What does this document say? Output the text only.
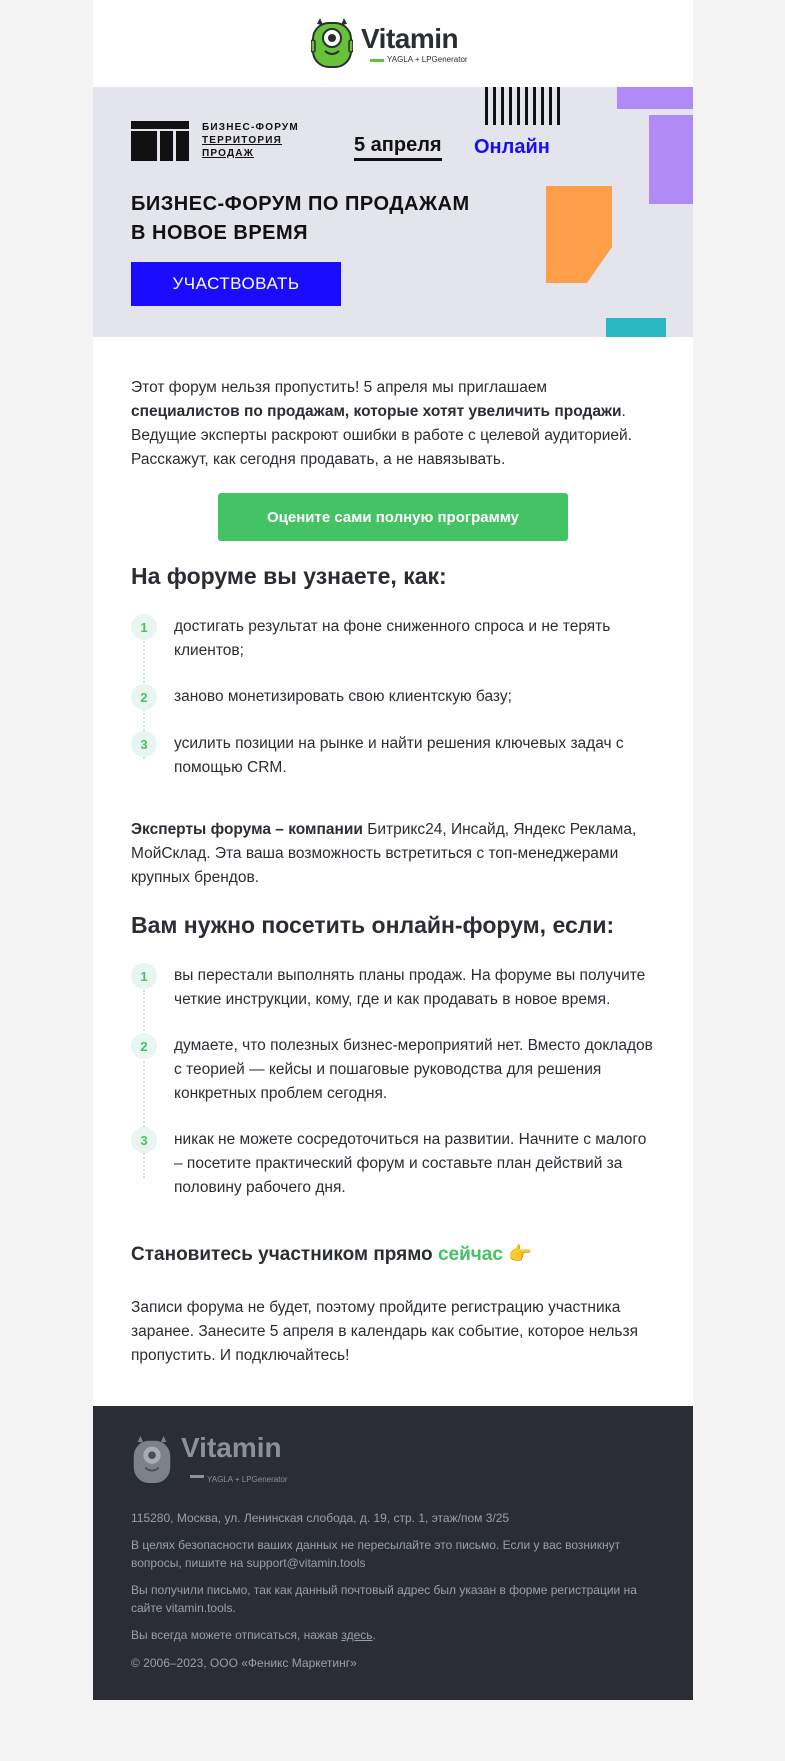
Vitamin
YAGLA + LPGenerator
БИЗНЕС-ФОРУМ
ТЕРРИТОРИЯ
ПРОДАЖ	5 апреля Онлайн
БИЗНЕС-ФОРУМ ПО ПРОДАЖАМ
В НОВОЕ ВРЕМЯ
УЧАСТВОВАТЬ

Этот форум нельзя пропустить! 5 апреля мы приглашаем специалистов по продажам, которые хотят увеличить продажи. Ведущие эксперты раскроют ошибки в работе с целевой аудиторией. Расскажут, как сегодня продавать, а не навязывать.

Оцените сами полную программу
На форуме вы узнаете, как:
1	достигать результат на фоне сниженного спроса и не терять клиентов;
2	заново монетизировать свою клиентскую базу;
3	усилить позиции на рынке и найти решения ключевых задач с помощью CRM.

Эксперты форума – компании Битрикс24, Инсайд, Яндекс Реклама, МойСклад. Эта ваша возможность встретиться с топ-менеджерами крупных брендов.

Вам нужно посетить онлайн-форум, если:
1	вы перестали выполнять планы продаж. На форуме вы получите четкие инструкции, кому, где и как продавать в новое время.
2	думаете, что полезных бизнес-мероприятий нет. Вместо докладов с теорией — кейсы и пошаговые руководства для решения конкретных проблем сегодня.
3	никак не можете сосредоточиться на развитии. Начните с малого – посетите практический форум и составьте план действий за половину рабочего дня.
Становитесь участником прямо сейчас 👉

Записи форума не будет, поэтому пройдите регистрацию участника заранее. Занесите 5 апреля в календарь как событие, которое нельзя пропустить. И подключайтесь!

Vitamin
YAGLA + LPGenerator

115280, Москва, ул. Ленинская слобода, д. 19, стр. 1, этаж/пом 3/25

В целях безопасности ваших данных не пересылайте это письмо. Если у вас возникнут вопросы, пишите на support@vitamin.tools

Вы получили письмо, так как данный почтовый адрес был указан в форме регистрации на сайте vitamin.tools.

Вы всегда можете отписаться, нажав здесь.

© 2006–2023, ООО «Феникс Маркетинг»
